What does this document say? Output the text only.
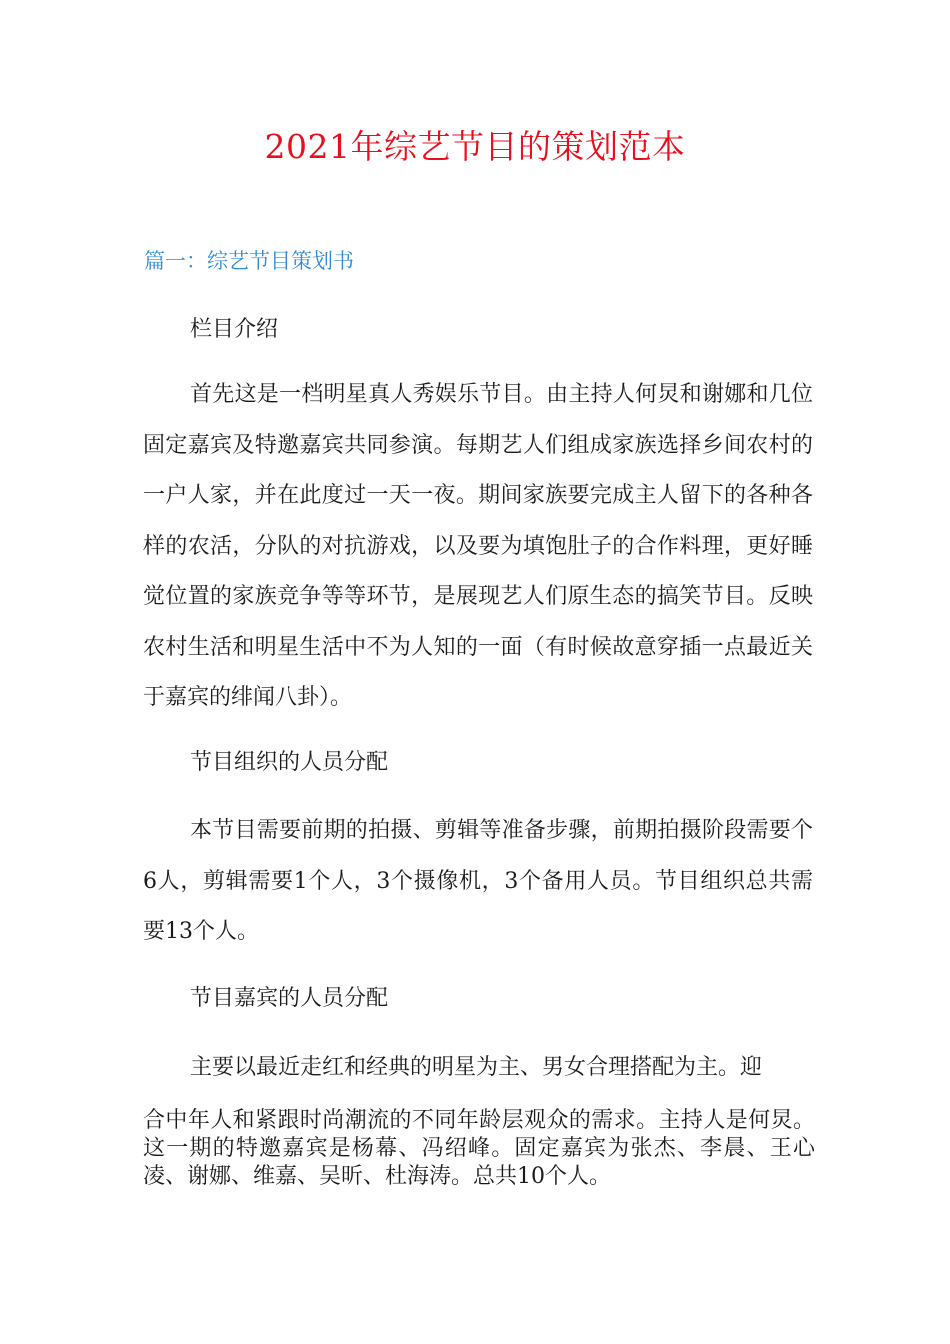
2021年综艺节目的策划范本
篇一：综艺节目策划书

栏目介绍

首先这是一档明星真人秀娱乐节目。由主持人何炅和谢娜和几位固定嘉宾及特邀嘉宾共同参演。每期艺人们组成家族选择乡间农村的一户人家，并在此度过一天一夜。期间家族要完成主人留下的各种各样的农活，分队的对抗游戏，以及要为填饱肚子的合作料理，更好睡觉位置的家族竞争等等环节，是展现艺人们原生态的搞笑节目。反映农村生活和明星生活中不为人知的一面（有时候故意穿插一点最近关于嘉宾的绯闻八卦）。

节目组织的人员分配

本节目需要前期的拍摄、剪辑等准备步骤，前期拍摄阶段需要个6人，剪辑需要1个人，3个摄像机，3个备用人员。节目组织总共需要13个人。

节目嘉宾的人员分配

主要以最近走红和经典的明星为主、男女合理搭配为主。迎

合中年人和紧跟时尚潮流的不同年龄层观众的需求。主持人是何炅。这一期的特邀嘉宾是杨幕、冯绍峰。固定嘉宾为张杰、李晨、王心凌、谢娜、维嘉、吴昕、杜海涛。总共10个人。
